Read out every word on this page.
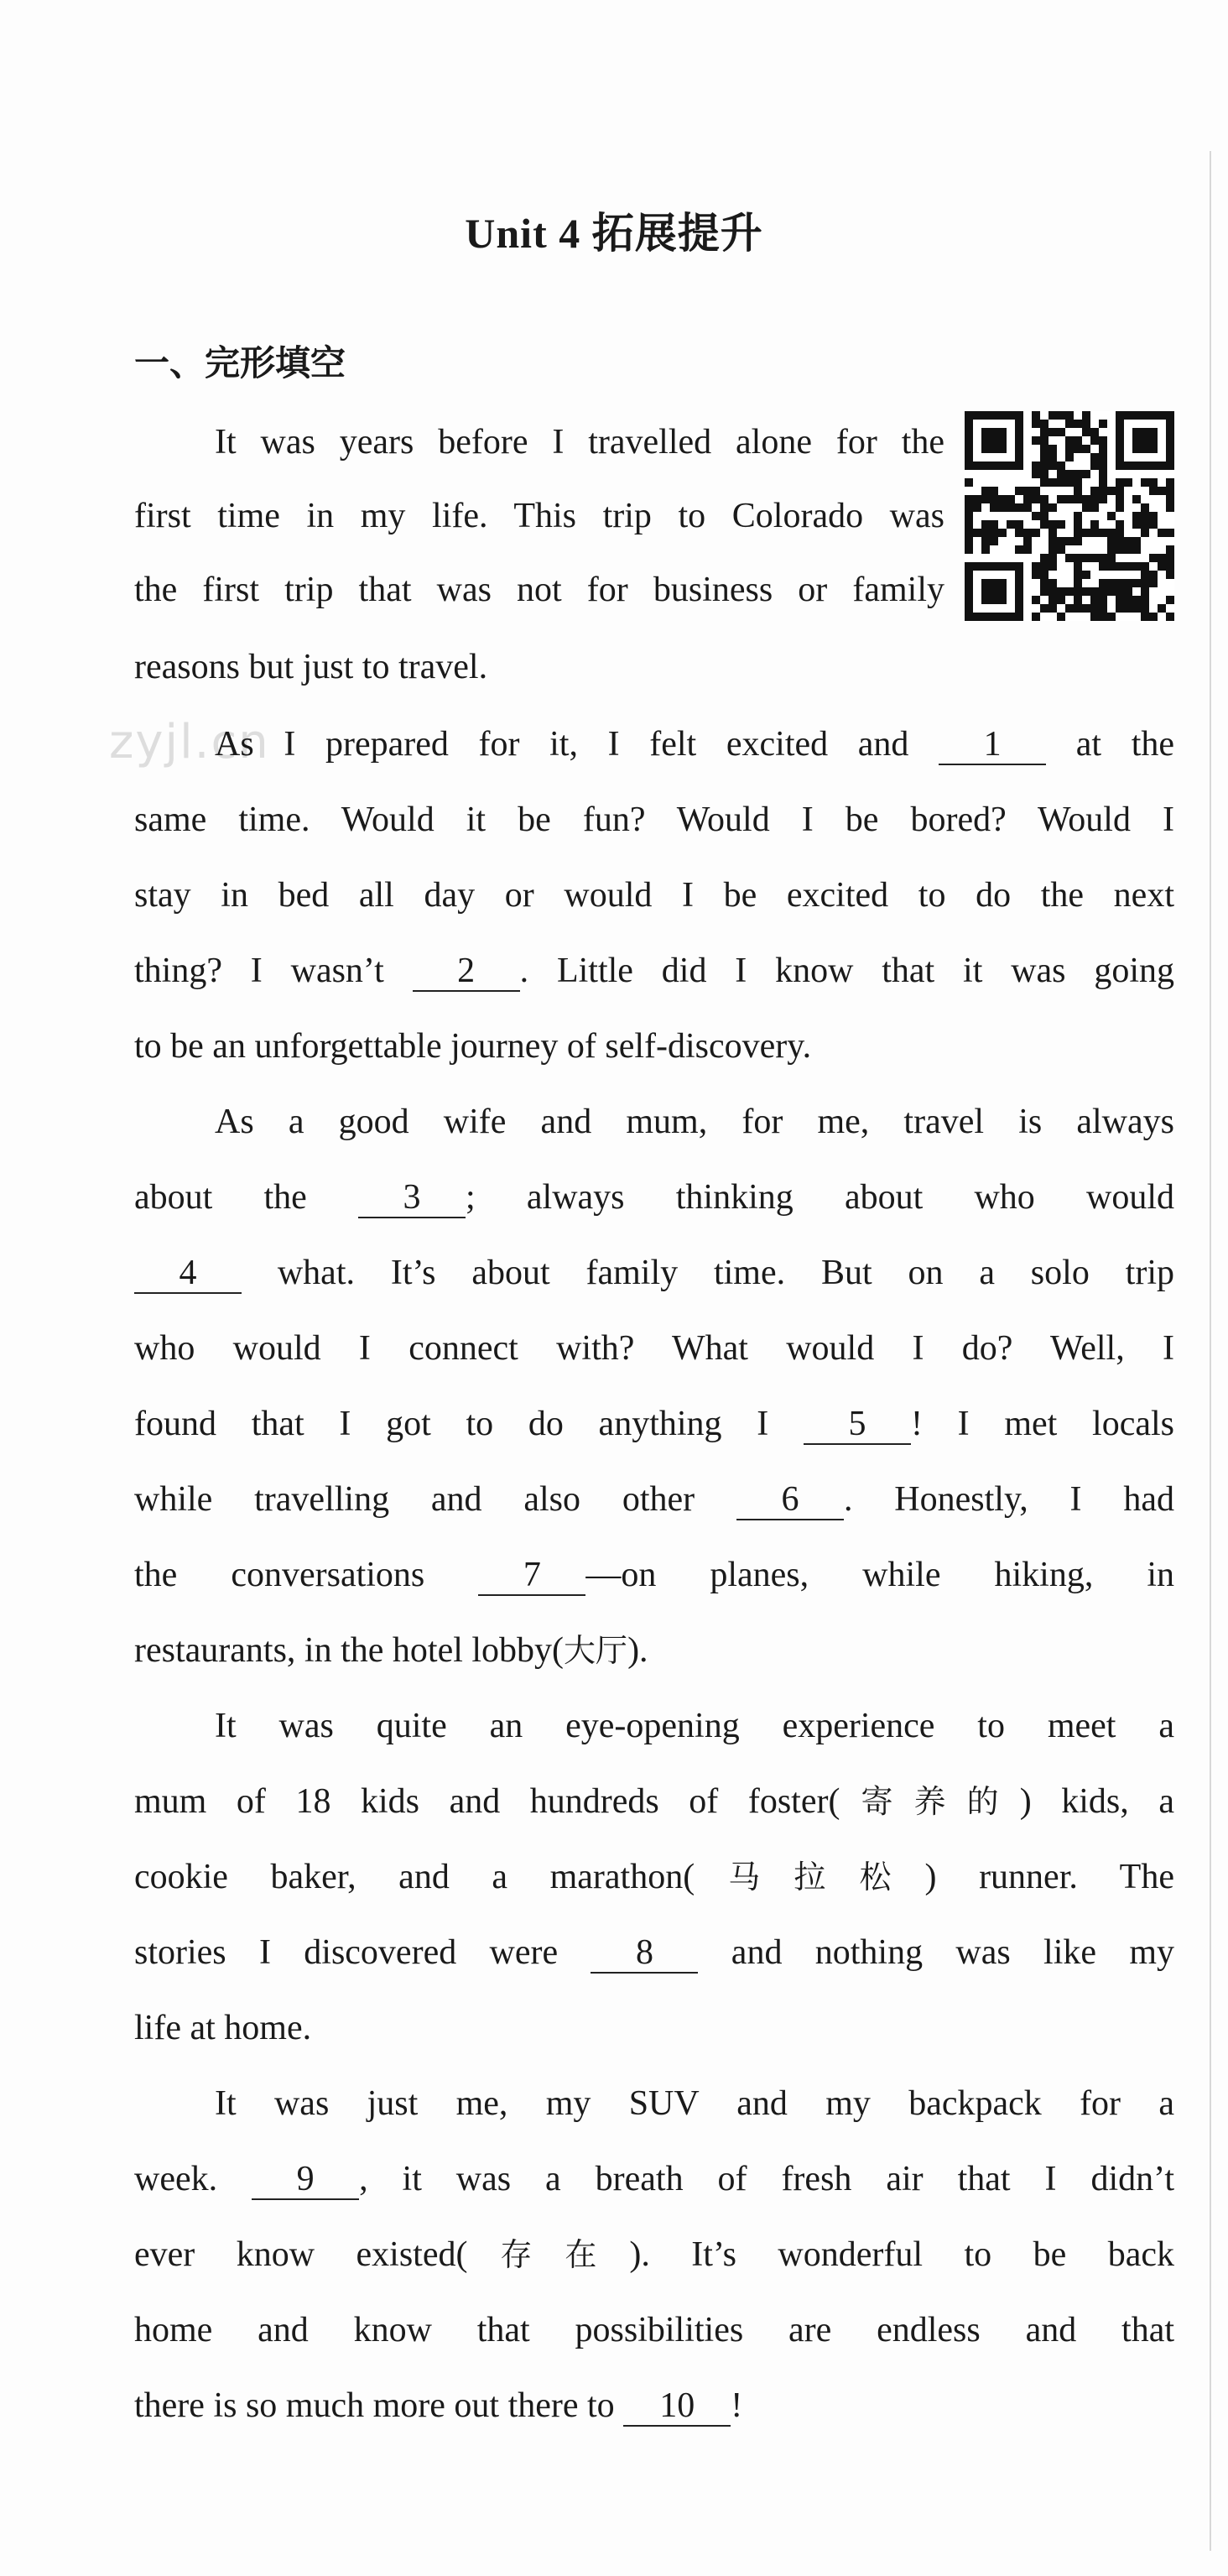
zyjl.cn
Unit 4 拓展提升
一、完形填空
It was years before I travelled alone for the
first time in my life. This trip to Colorado was
the first trip that was not for business or family
reasons but just to travel.
As I prepared for it, I felt excited and 1 at the
same time. Would it be fun? Would I be bored? Would I
stay in bed all day or would I be excited to do the next
thing? I wasn’t 2 . Little did I know that it was going
to be an unforgettable journey of self-discovery.
As a good wife and mum, for me, travel is always
about the	3 ; always thinking about who would
4 what. It’s about family time. But on a solo trip
who would I connect with? What would I do? Well, I
found that I got to do anything I 5 ! I met locals
while travelling and also other 6 . Honestly, I had
the conversations	7 —on planes, while hiking, in
restaurants, in the hotel lobby(大厅).
It was quite an eye-opening experience to meet a
mum of 18 kids and hundreds of foster(寄养的) kids, a
cookie baker, and a marathon(马拉松) runner. The
stories I discovered were 8 and nothing was like my
life at home.
It was just me, my SUV and my backpack for a
week. 9 , it was a breath of fresh air that I didn’t
ever know existed(存在). It’s wonderful to be back
home and know that possibilities are endless and that
there is so much more out there to 10 !
